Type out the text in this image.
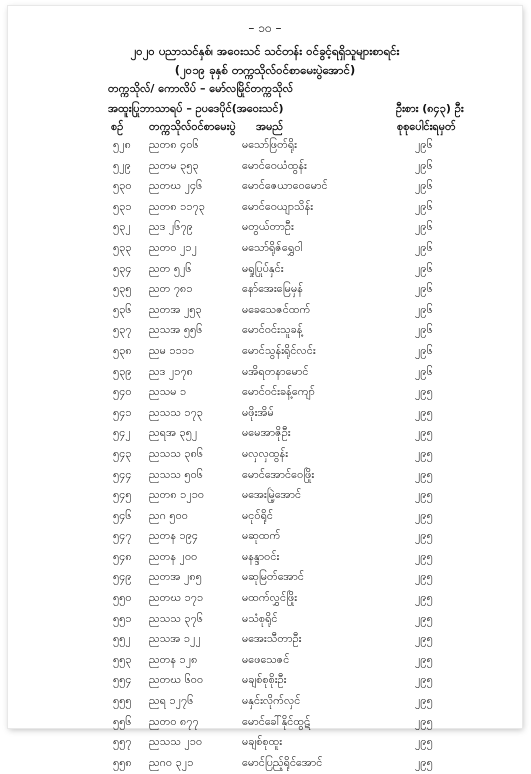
– ၁၀ –
၂၀၂၀ ပညာသင်နှစ်၊ အဝေးသင် သင်တန်း ဝင်ခွင့်ရရှိသူများစာရင်း
(၂၀၁၉ ခုနှစ် တက္ကသိုလ်ဝင်စာမေးပွဲအောင်)
တက္ကသိုလ်/ ကောလိပ် – မော်လမြိုင်တက္ကသိုလ်
အထူးပြုဘာသာရပ် – ဥပဒေပိုင်(အဝေးသင်)	ဦးစား (၈၄၃) ဦး
စဉ် တက္ကသိုလ်ဝင်စာမေးပွဲ အမည်	စုစုပေါင်းရမှတ်
၅၂၈ ညတ၈ ၄၀၆	မသော်ဖြတ်ရိုး	၂၉၆
၅၂၉ ညတမ ၃၅၃	မောင်ဝေယံထွန်း	၂၉၆
၅၃၀ ညတဃ ၂၄၆	မောင်ဇေယာဝေမောင်	၂၉၆
၅၃၁ ညတ၈ ၁၁၇၃	မောင်ဝေယျာသိန်း	၂၉၆
၅၃၂ ညဒ ၂၆၇၉	မတွယ်တာဦး	၂၉၆
၅၃၃ ညတ၀ ၂၁၂	မသော်ရိုဇ်ရွှေဝါ	၂၉၆
၅၃၄ ညတ ၅၂၆	မရှုပြုပ်နှင်း	၂၉၆
၅၃၅ ညတ ၇၈၁	နော်အေးမြေမှန်	၂၉၆
၅၃၆ ညတအ ၂၅၃	မခေသေဇင်ထက်	၂၉၆
၅၃၇ ညသအ ၅၅၆	မောင်ဝင်းသူခန့်	၂၉၆
၅၃၈ ညမ ၁၁၁၁	မောင်သွန်းရိုင်လင်း	၂၉၆
၅၃၉ ညဒ ၂၁၇၈	မအိရတနာမောင်	၂၉၆
၅၄၀ ညသမ ၁	မောင်ဝင်းခန့်ကျော်	၂၉၅
၅၄၁ ညသသ ၁၇၃	မဖိုးအိမ်	၂၉၅
၅၄၂ ညရအ ၃၅၂	မမေအာဇိုဦး	၂၉၅
၅၄၃ ညသသ ၃၈၆	မလှလှထွန်း	၂၉၅
၅၄၄ ညသသ ၅၀၆	မောင်အောင်ဝေဖြိုး	၂၉၅
၅၄၅ ညတ၈ ၁၂၁၀	မအေးမြဲ့အောင်	၂၉၅
၅၄၆ ညဂ ၅၀၀	မငုဝ်ရိုင်	၂၉၅
၅၄၇ ညတန ၁၉၄	မဆုထက်	၂၉၅
၅၄၈ ညတန ၂၀၀	မနန္ဒာဝင်း	၂၉၅
၅၄၉ ညတအ ၂၈၅	မဆုမြတ်အောင်	၂၉၅
၅၅၀ ညတဃ ၁၇၁	မထက်လွှင်ဖြိုး	၂၉၅
၅၅၁ ညသသ ၃၇၆	မသံစုရိုင်	၂၉၅
၅၅၂ ညသအ ၁၂၂	မအေးသီတာဦး	၂၉၅
၅၅၃ ညတန ၁၂၈	မဖေသေဇင်	၂၉၅
၅၅၄ ညတဃ ၆၀၀	မချစ်စုစိုးဦး	၂၉၅
၅၅၅ ညရ ၁၂၇၆	မနှင်းလိုက်လှင်	၂၉၅
၅၅၆ ညတ၀ ၈၇၇	မောင်ခေါ်နိုင်ထွဋ်	၂၉၅
၅၅၇ ညသသ ၂၁၀	မချစ်စုထူး	၂၉၅
၅၅၈ ညဂ၀ ၃၂၁	မောင်ပြည့်ရိုင်အောင်	၂၉၅
